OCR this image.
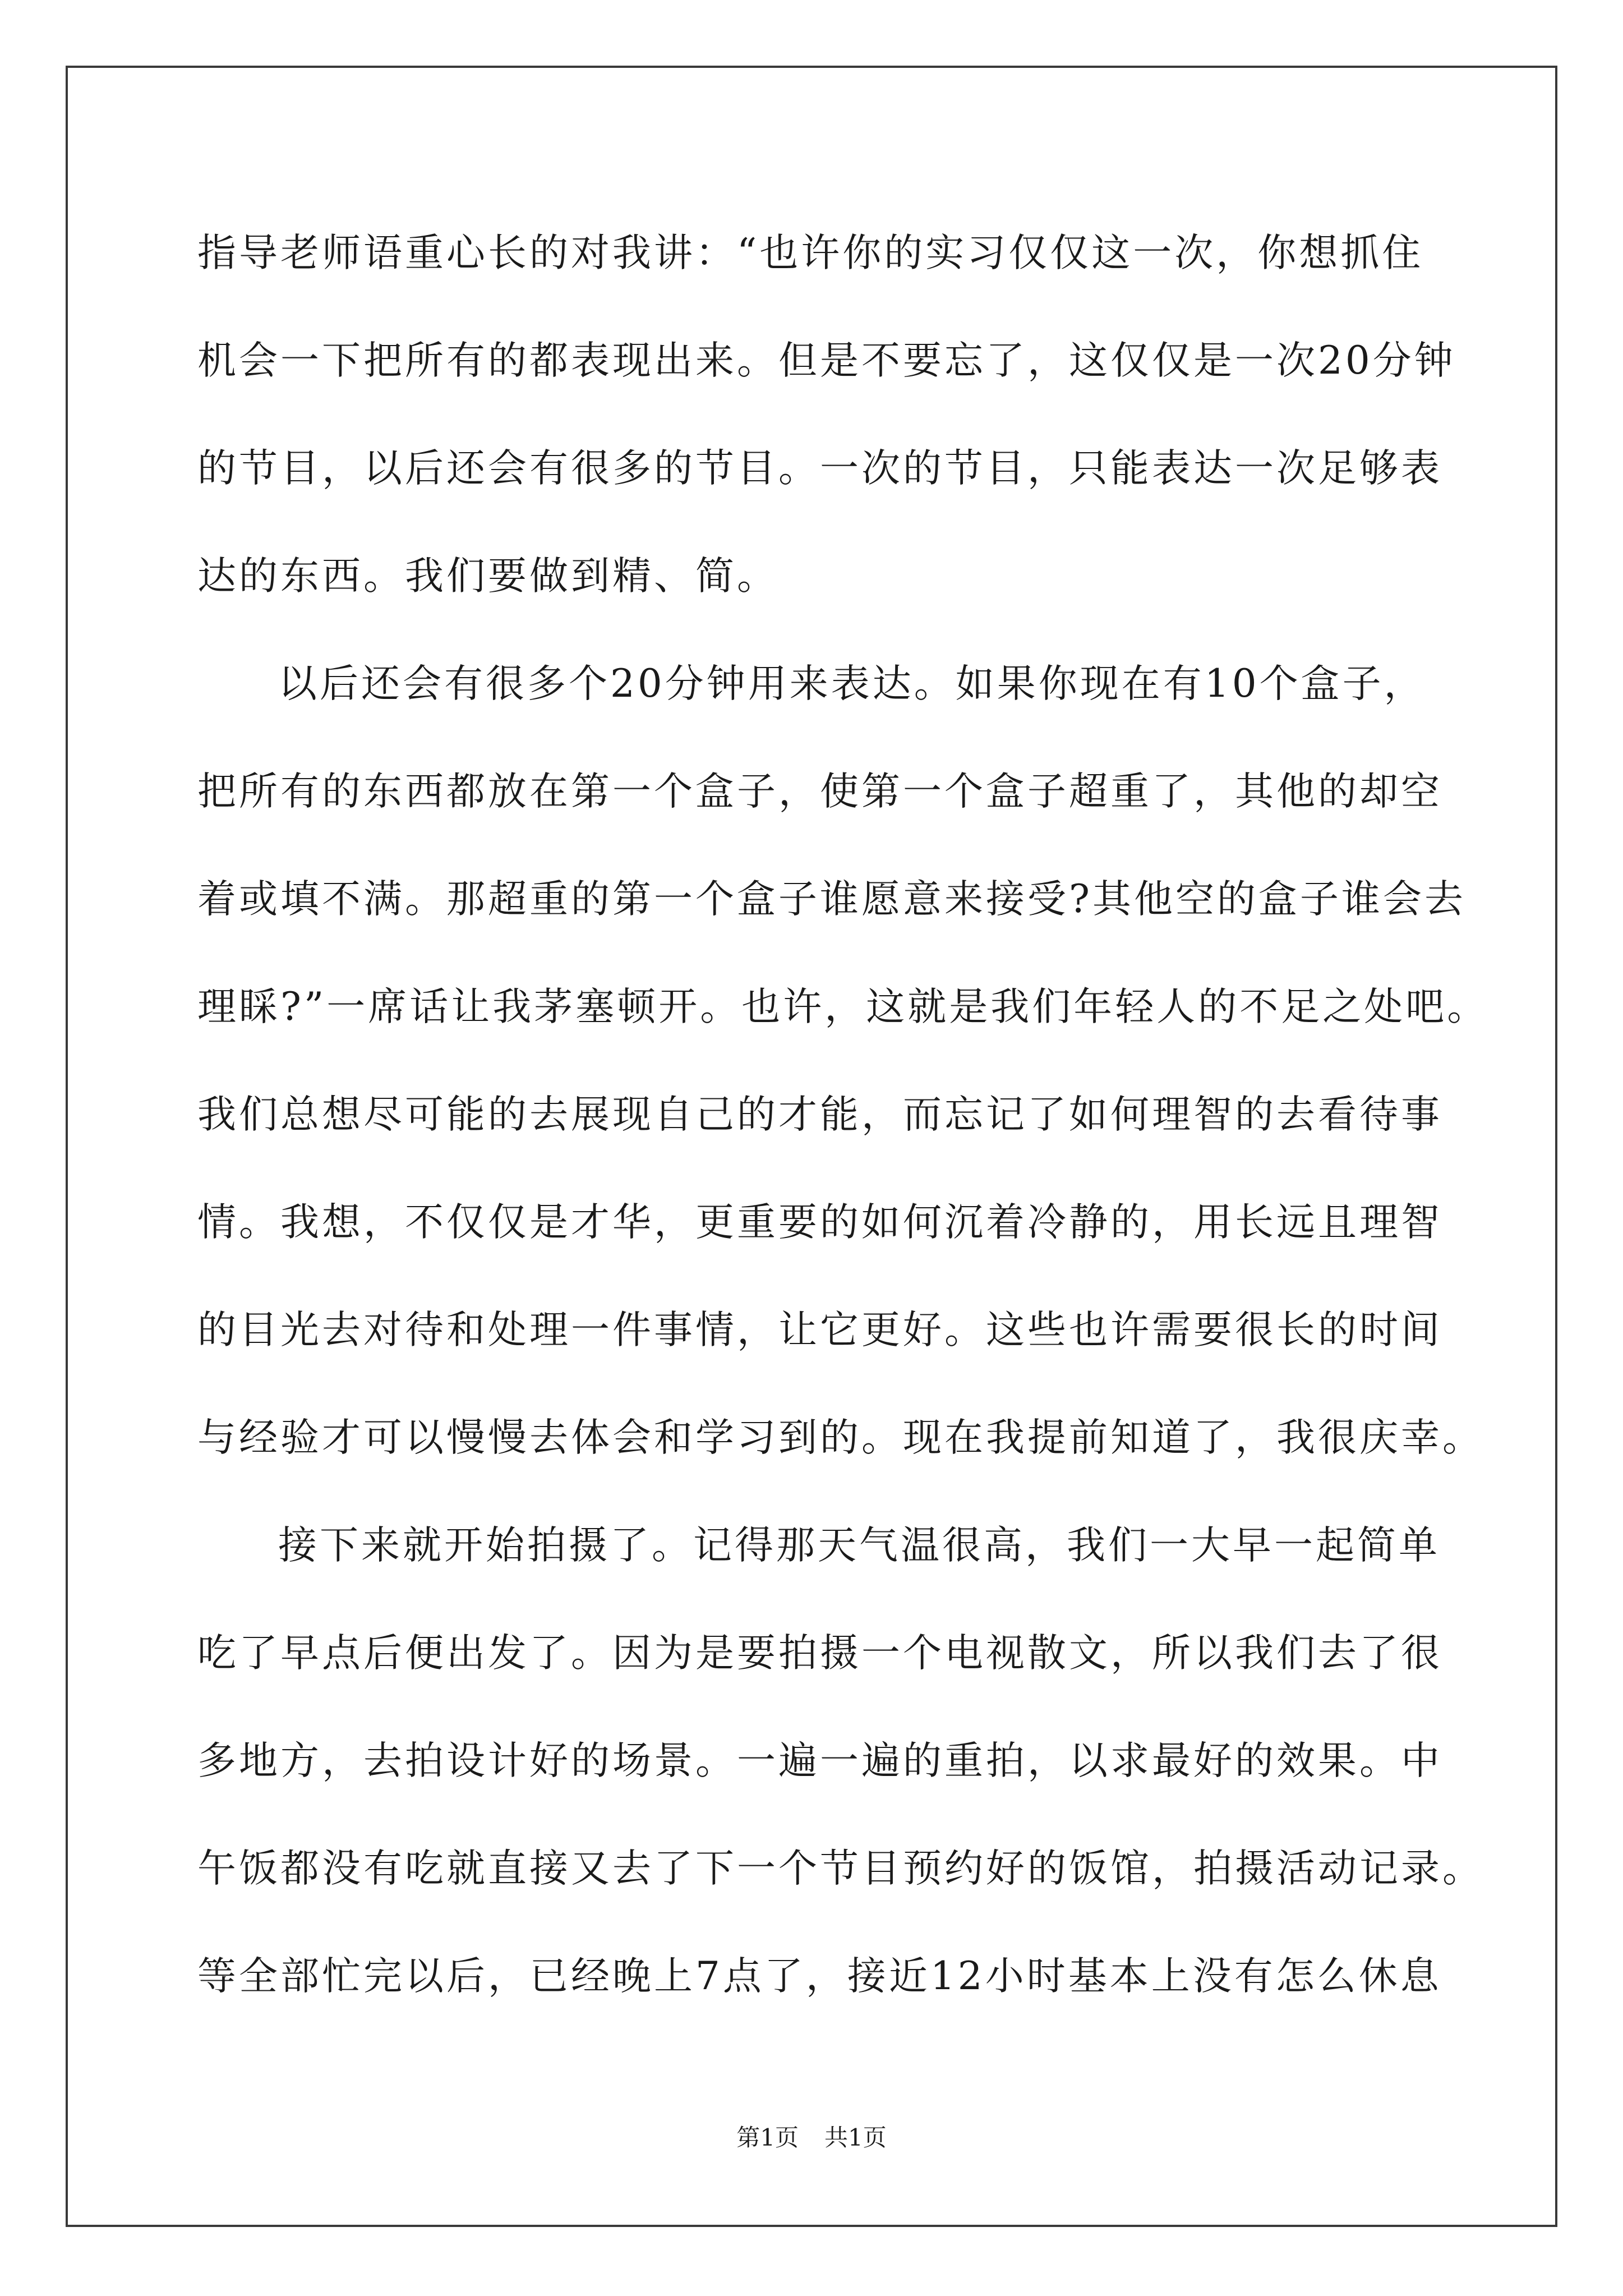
指导老师语重心长的对我讲：“也许你的实习仅仅这一次，你想抓住
机会一下把所有的都表现出来。但是不要忘了，这仅仅是一次20分钟
的节目，以后还会有很多的节目。一次的节目，只能表达一次足够表
达的东西。我们要做到精、简。
以后还会有很多个20分钟用来表达。如果你现在有10个盒子，
把所有的东西都放在第一个盒子，使第一个盒子超重了，其他的却空
着或填不满。那超重的第一个盒子谁愿意来接受?其他空的盒子谁会去
理睬?”一席话让我茅塞顿开。也许，这就是我们年轻人的不足之处吧。
我们总想尽可能的去展现自己的才能，而忘记了如何理智的去看待事
情。我想，不仅仅是才华，更重要的如何沉着冷静的，用长远且理智
的目光去对待和处理一件事情，让它更好。这些也许需要很长的时间
与经验才可以慢慢去体会和学习到的。现在我提前知道了，我很庆幸。
接下来就开始拍摄了。记得那天气温很高，我们一大早一起简单
吃了早点后便出发了。因为是要拍摄一个电视散文，所以我们去了很
多地方，去拍设计好的场景。一遍一遍的重拍，以求最好的效果。中
午饭都没有吃就直接又去了下一个节目预约好的饭馆，拍摄活动记录。
等全部忙完以后，已经晚上7点了，接近12小时基本上没有怎么休息
第1页 共1页
